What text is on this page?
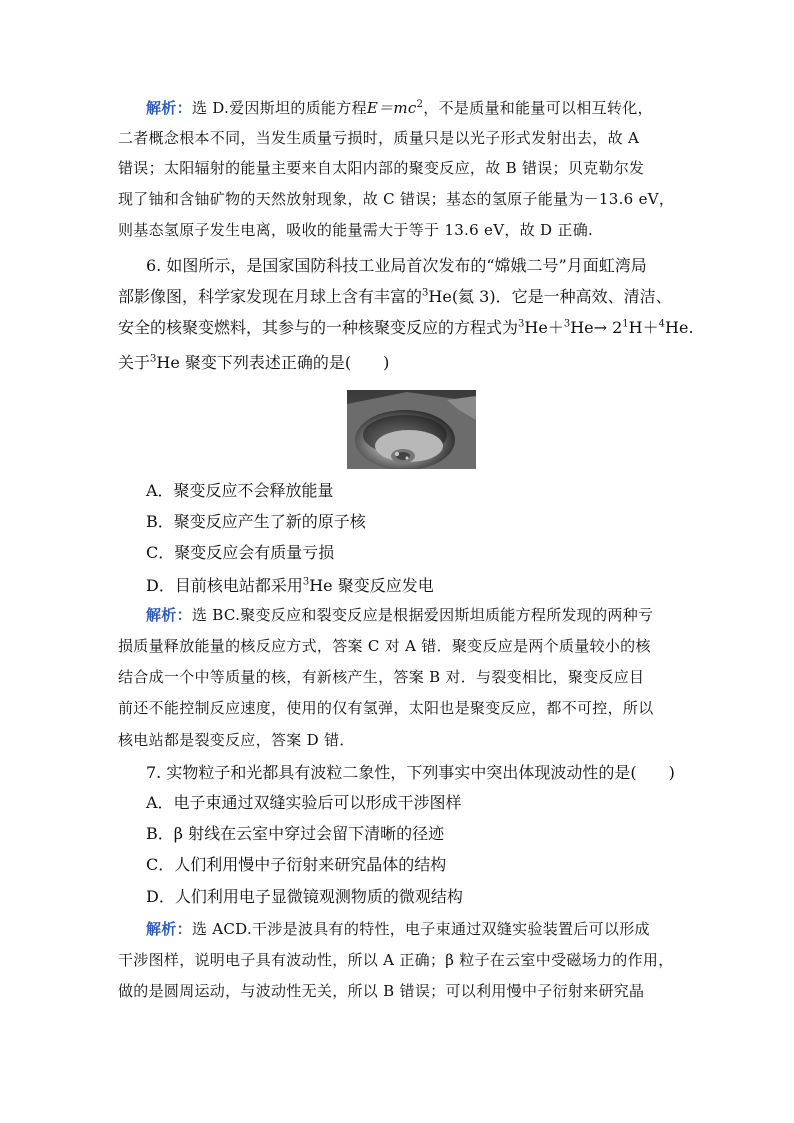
解析：选 D.爱因斯坦的质能方程$E=mc^2$，不是质量和能量可以相互转化，
二者概念根本不同，当发生质量亏损时，质量只是以光子形式发射出去，故 A
错误；太阳辐射的能量主要来自太阳内部的聚变反应，故 B 错误；贝克勒尔发
现了铀和含铀矿物的天然放射现象，故 C 错误；基态的氢原子能量为－13.6 eV，
则基态氢原子发生电离，吸收的能量需大于等于 13.6 eV，故 D 正确.
6. 如图所示，是国家国防科技工业局首次发布的“嫦娥二号”月面虹湾局
部影像图，科学家发现在月球上含有丰富的$^3$He(氦 3)．它是一种高效、清洁、
安全的核聚变燃料，其参与的一种核聚变反应的方程式为$^3He+^3He\to 2^1H+^4He$.
关于$^3$He 聚变下列表述正确的是(　　)
A．聚变反应不会释放能量
B．聚变反应产生了新的原子核
C．聚变反应会有质量亏损
D．目前核电站都采用$^3$He 聚变反应发电
解析：选 BC.聚变反应和裂变反应是根据爱因斯坦质能方程所发现的两种亏
损质量释放能量的核反应方式，答案 C 对 A 错．聚变反应是两个质量较小的核
结合成一个中等质量的核，有新核产生，答案 B 对．与裂变相比，聚变反应目
前还不能控制反应速度，使用的仅有氢弹，太阳也是聚变反应，都不可控，所以
核电站都是裂变反应，答案 D 错．
7. 实物粒子和光都具有波粒二象性，下列事实中突出体现波动性的是(　　)
A．电子束通过双缝实验后可以形成干涉图样
B．β 射线在云室中穿过会留下清晰的径迹
C．人们利用慢中子衍射来研究晶体的结构
D．人们利用电子显微镜观测物质的微观结构
解析：选 ACD.干涉是波具有的特性，电子束通过双缝实验装置后可以形成
干涉图样，说明电子具有波动性，所以 A 正确；β 粒子在云室中受磁场力的作用，
做的是圆周运动，与波动性无关，所以 B 错误；可以利用慢中子衍射来研究晶
